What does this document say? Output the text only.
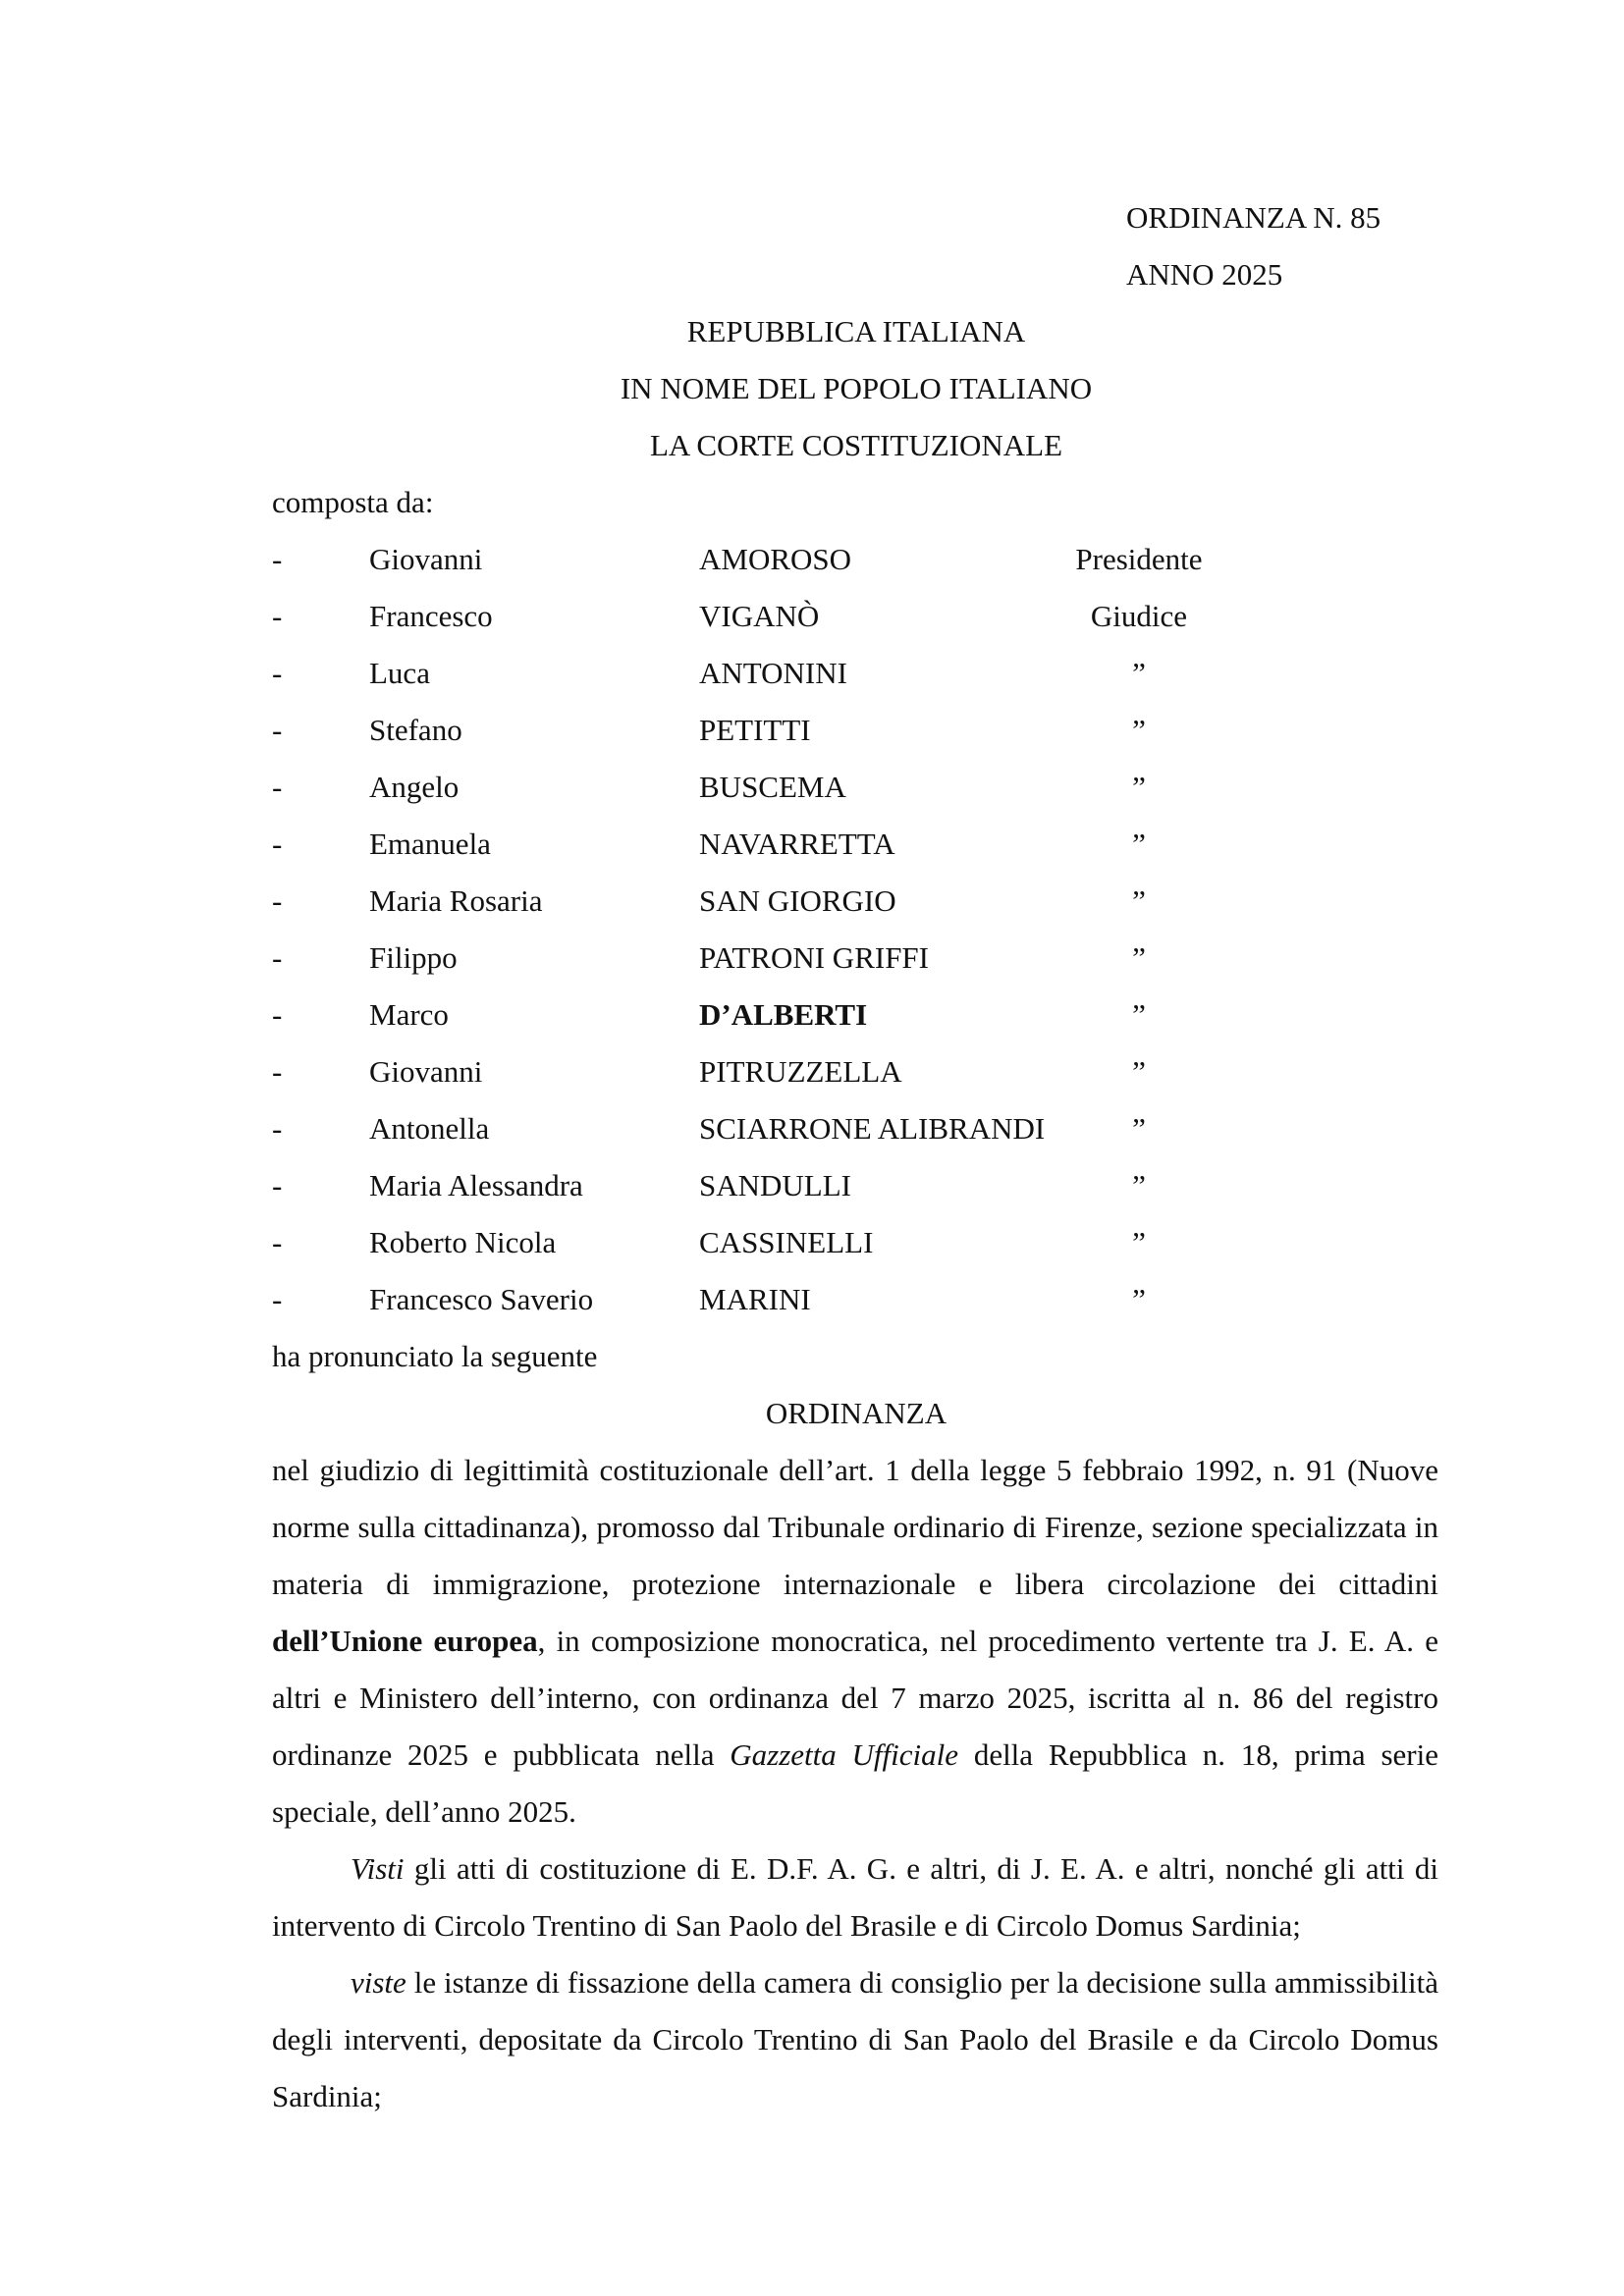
ORDINANZA N. 85
ANNO 2025
REPUBBLICA ITALIANA
IN NOME DEL POPOLO ITALIANO
LA CORTE COSTITUZIONALE
composta da:
-	Giovanni	AMOROSO	Presidente
-	Francesco	VIGANÒ	Giudice
-	Luca	ANTONINI	”
-	Stefano	PETITTI	”
-	Angelo	BUSCEMA	”
-	Emanuela	NAVARRETTA	”
-	Maria Rosaria	SAN GIORGIO	”
-	Filippo	PATRONI GRIFFI	”
-	Marco	D’ALBERTI	”
-	Giovanni	PITRUZZELLA	”
-	Antonella	SCIARRONE ALIBRANDI	”
-	Maria Alessandra	SANDULLI	”
-	Roberto Nicola	CASSINELLI	”
-	Francesco Saverio	MARINI	”
ha pronunciato la seguente
ORDINANZA
nel giudizio di legittimità costituzionale dell’art. 1 della legge 5 febbraio 1992, n. 91 (Nuove norme sulla cittadinanza), promosso dal Tribunale ordinario di Firenze, sezione specializzata in materia di immigrazione, protezione internazionale e libera circolazione dei cittadini dell’Unione europea, in composizione monocratica, nel procedimento vertente tra J. E. A. e altri e Ministero dell’interno, con ordinanza del 7 marzo 2025, iscritta al n. 86 del registro ordinanze 2025 e pubblicata nella Gazzetta Ufficiale della Repubblica n. 18, prima serie speciale, dell’anno 2025.
Visti gli atti di costituzione di E. D.F. A. G. e altri, di J. E. A. e altri, nonché gli atti di intervento di Circolo Trentino di San Paolo del Brasile e di Circolo Domus Sardinia;
viste le istanze di fissazione della camera di consiglio per la decisione sulla ammissibilità degli interventi, depositate da Circolo Trentino di San Paolo del Brasile e da Circolo Domus Sardinia;
